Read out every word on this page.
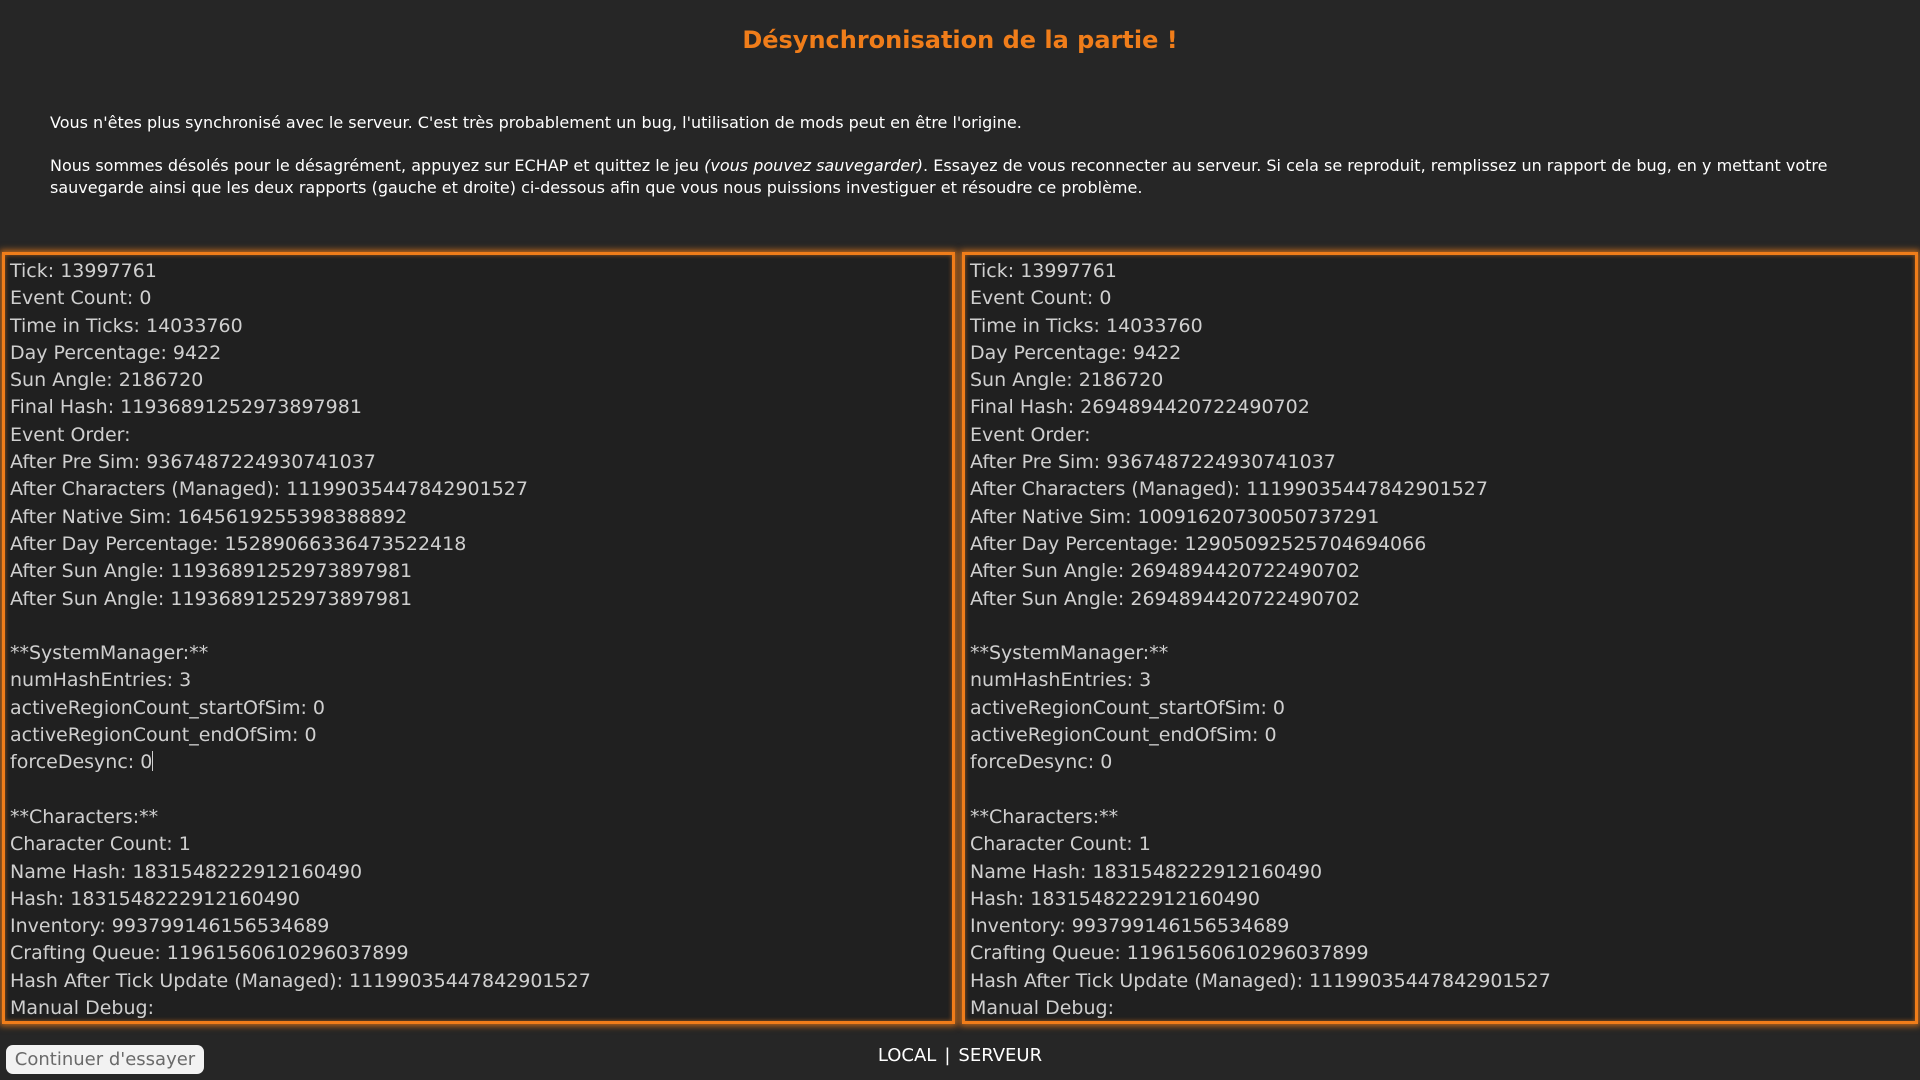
Désynchronisation de la partie !
Vous n'êtes plus synchronisé avec le serveur. C'est très probablement un bug, l'utilisation de mods peut en être l'origine.
Nous sommes désolés pour le désagrément, appuyez sur ECHAP et quittez le jeu (vous pouvez sauvegarder). Essayez de vous reconnecter au serveur. Si cela se reproduit, remplissez un rapport de bug, en y mettant votre sauvegarde ainsi que les deux rapports (gauche et droite) ci-dessous afin que vous nous puissions investiguer et résoudre ce problème.
Tick: 13997761
Event Count: 0
Time in Ticks: 14033760
Day Percentage: 9422
Sun Angle: 2186720
Final Hash: 11936891252973897981
Event Order:
After Pre Sim: 9367487224930741037
After Characters (Managed): 11199035447842901527
After Native Sim: 1645619255398388892
After Day Percentage: 15289066336473522418
After Sun Angle: 11936891252973897981
After Sun Angle: 11936891252973897981
**SystemManager:**
numHashEntries: 3
activeRegionCount_startOfSim: 0
activeRegionCount_endOfSim: 0
forceDesync: 0
**Characters:**
Character Count: 1
Name Hash: 1831548222912160490
Hash: 1831548222912160490
Inventory: 993799146156534689
Crafting Queue: 11961560610296037899
Hash After Tick Update (Managed): 11199035447842901527
Manual Debug:
Tick: 13997761
Event Count: 0
Time in Ticks: 14033760
Day Percentage: 9422
Sun Angle: 2186720
Final Hash: 2694894420722490702
Event Order:
After Pre Sim: 9367487224930741037
After Characters (Managed): 11199035447842901527
After Native Sim: 10091620730050737291
After Day Percentage: 12905092525704694066
After Sun Angle: 2694894420722490702
After Sun Angle: 2694894420722490702
**SystemManager:**
numHashEntries: 3
activeRegionCount_startOfSim: 0
activeRegionCount_endOfSim: 0
forceDesync: 0
**Characters:**
Character Count: 1
Name Hash: 1831548222912160490
Hash: 1831548222912160490
Inventory: 993799146156534689
Crafting Queue: 11961560610296037899
Hash After Tick Update (Managed): 11199035447842901527
Manual Debug:
Continuer d'essayer	LOCAL | SERVEUR
